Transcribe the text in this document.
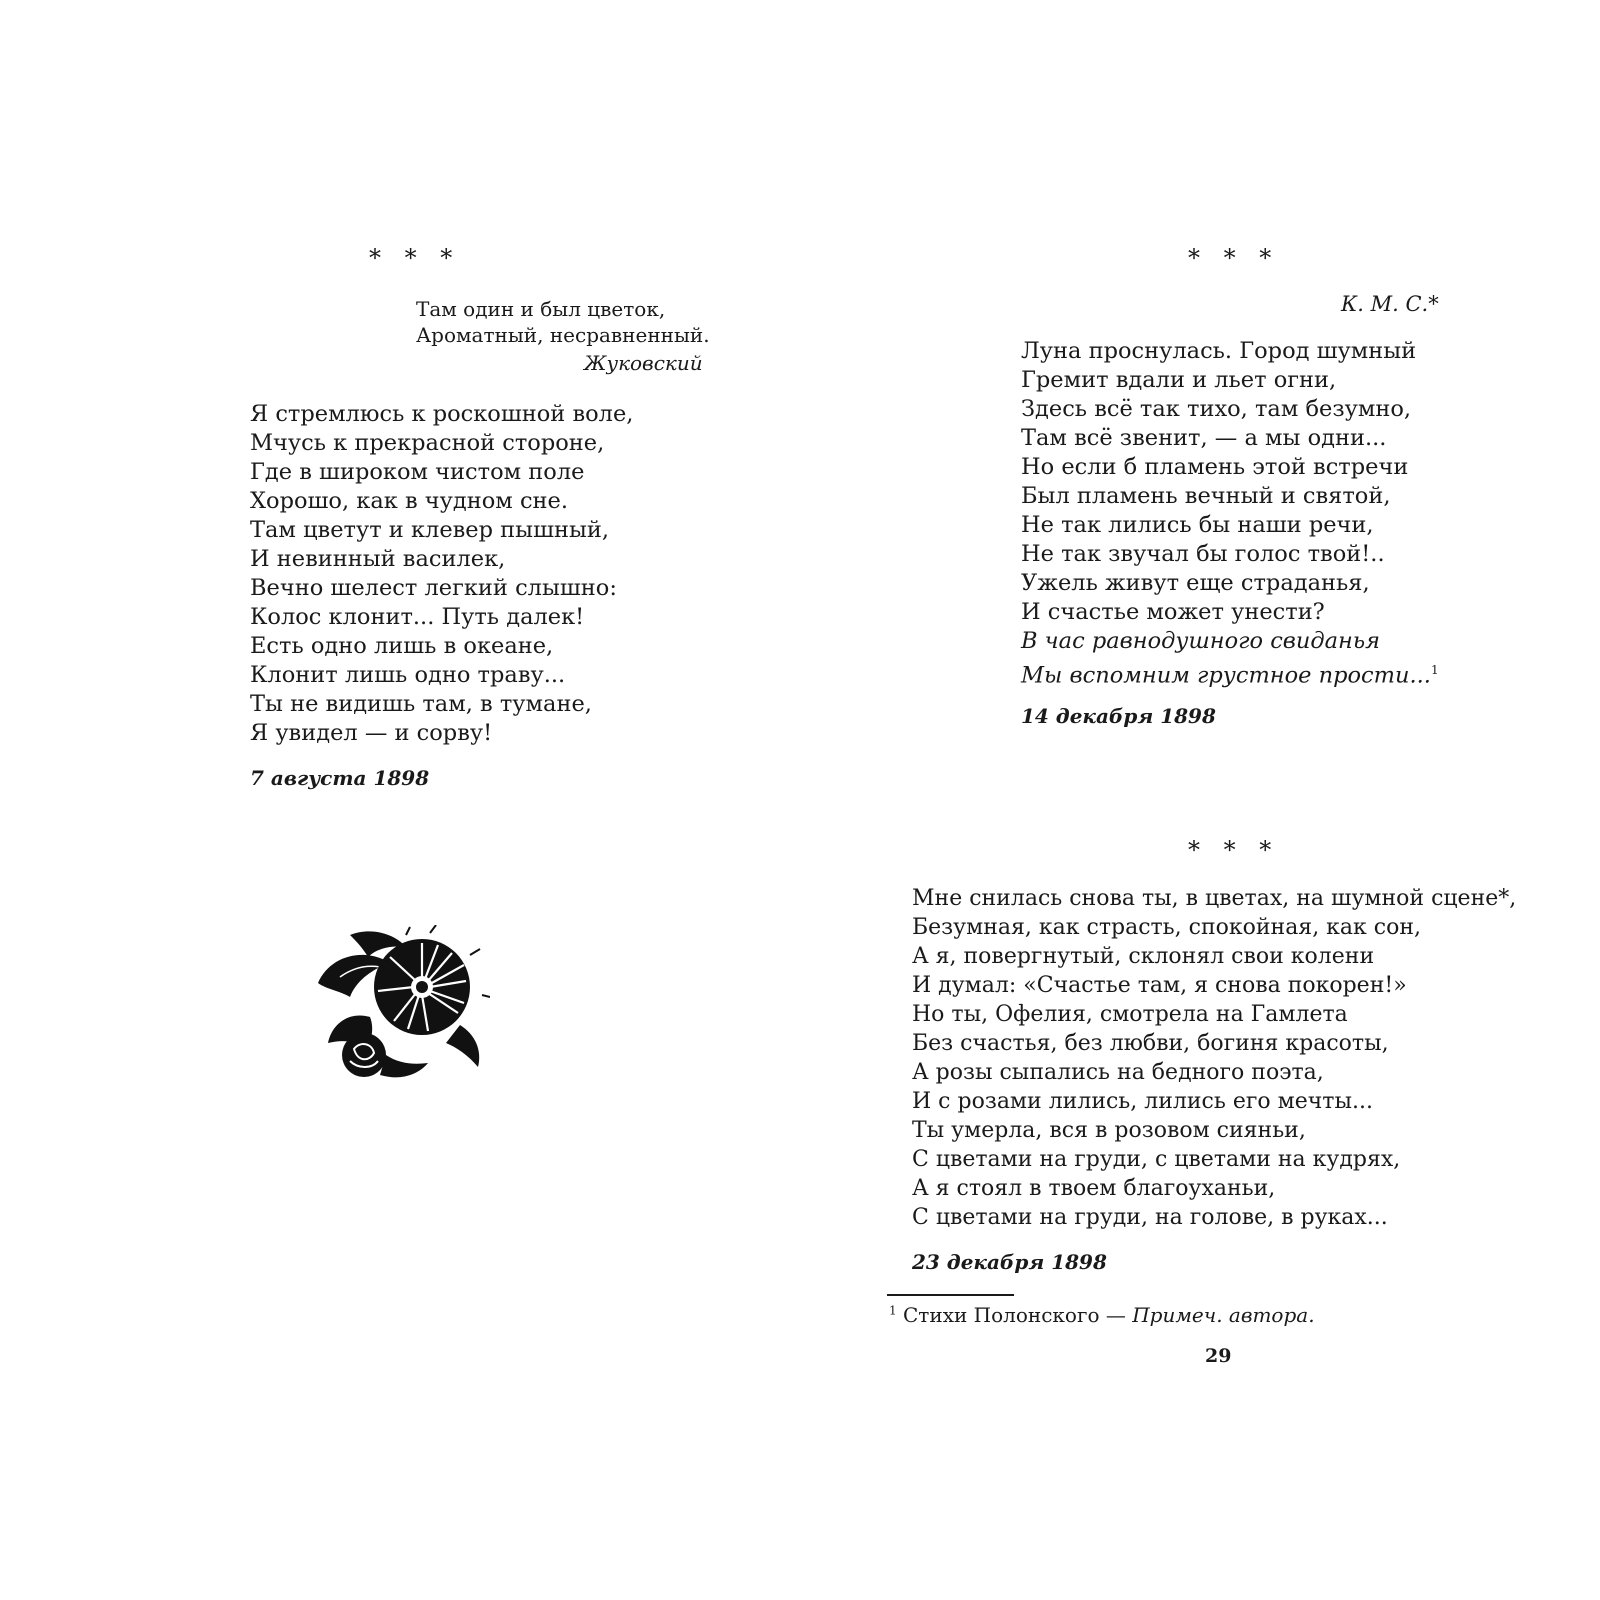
* * *
Там один и был цветок,
Ароматный, несравненный.
Жуковский
Я стремлюсь к роскошной воле,
Мчусь к прекрасной стороне,
Где в широком чистом поле
Хорошо, как в чудном сне.
Там цветут и клевер пышный,
И невинный василек,
Вечно шелест легкий слышно:
Колос клонит... Путь далек!
Есть одно лишь в океане,
Клонит лишь одно траву...
Ты не видишь там, в тумане,
Я увидел — и сорву!
7 августа 1898
* * *
К. М. С.*
Луна проснулась. Город шумный
Гремит вдали и льет огни,
Здесь всё так тихо, там безумно,
Там всё звенит, — а мы одни...
Но если б пламень этой встречи
Был пламень вечный и святой,
Не так лились бы наши речи,
Не так звучал бы голос твой!..
Ужель живут еще страданья,
И счастье может унести?
В час равнодушного свиданья
Мы вспомним грустное прости...$^1$
14 декабря 1898
* * *
Мне снилась снова ты, в цветах, на шумной сцене*,
Безумная, как страсть, спокойная, как сон,
А я, повергнутый, склонял свои колени
И думал: «Счастье там, я снова покорен!»
Но ты, Офелия, смотрела на Гамлета
Без счастья, без любви, богиня красоты,
А розы сыпались на бедного поэта,
И с розами лились, лились его мечты...
Ты умерла, вся в розовом сияньи,
С цветами на груди, с цветами на кудрях,
А я стоял в твоем благоуханьи,
С цветами на груди, на голове, в руках...
23 декабря 1898
$^1$ Стихи Полонского — Примеч. автора.
29
